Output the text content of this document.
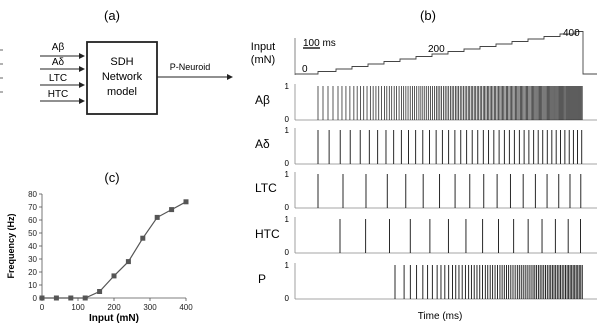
(a)	(b)
(c)
Aβ
Aδ
LTC
HTC
SDH
Network
model
P-Neuroid
Input
(mN)
100 ms
0
200
400
Aβ
1
0
Aδ
1
0
LTC
1
0
HTC
1
0
P
1
0
Time (ms)
0
10
20
30
40
50
60
70
80
0	100	200	300	400
Frequency (Hz)
Input (mN)
